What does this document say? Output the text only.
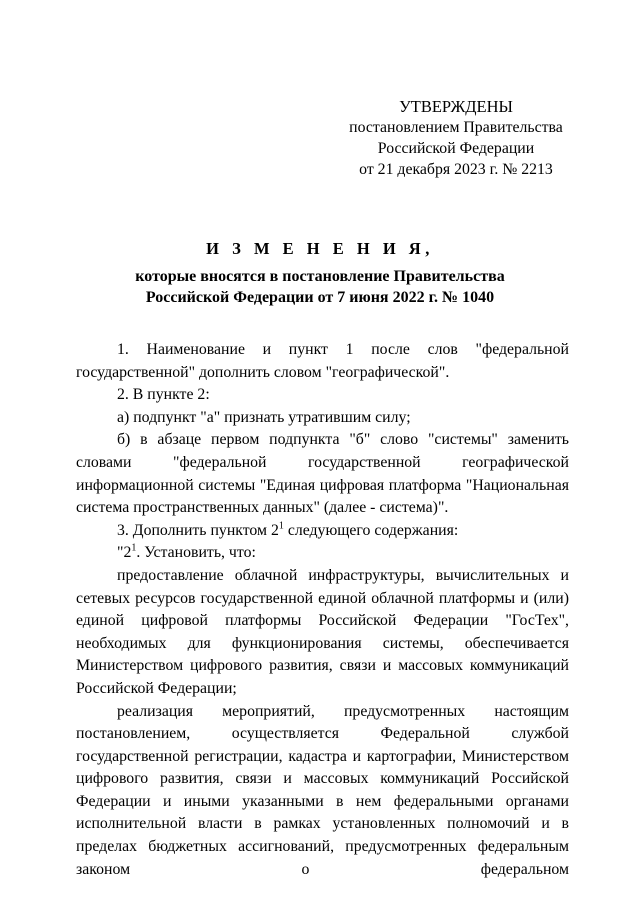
УТВЕРЖДЕНЫ
постановлением Правительства
Российской Федерации
от 21 декабря 2023 г. № 2213
И З М Е Н Е Н И Я,
которые вносятся в постановление Правительства
Российской Федерации от 7 июня 2022 г. № 1040

1. Наименование и пункт 1 после слов "федеральной государственной" дополнить словом "географической".

2. В пункте 2:

а) подпункт "а" признать утратившим силу;

б) в абзаце первом подпункта "б" слово "системы" заменить словами "федеральной государственной географической информационной системы "Единая цифровая платформа "Национальная система пространственных данных" (далее - система)".

3. Дополнить пунктом $2^1$ следующего содержания:

"$2^1$. Установить, что:

предоставление облачной инфраструктуры, вычислительных и сетевых ресурсов государственной единой облачной платформы и (или) единой цифровой платформы Российской Федерации "ГосТех", необходимых для функционирования системы, обеспечивается Министерством цифрового развития, связи и массовых коммуникаций Российской Федерации;

реализация мероприятий, предусмотренных настоящим постановлением, осуществляется Федеральной службой государственной регистрации, кадастра и картографии, Министерством цифрового развития, связи и массовых коммуникаций Российской Федерации и иными указанными в нем федеральными органами исполнительной власти в рамках установленных полномочий и в пределах бюджетных ассигнований, предусмотренных федеральным законом о федеральном
